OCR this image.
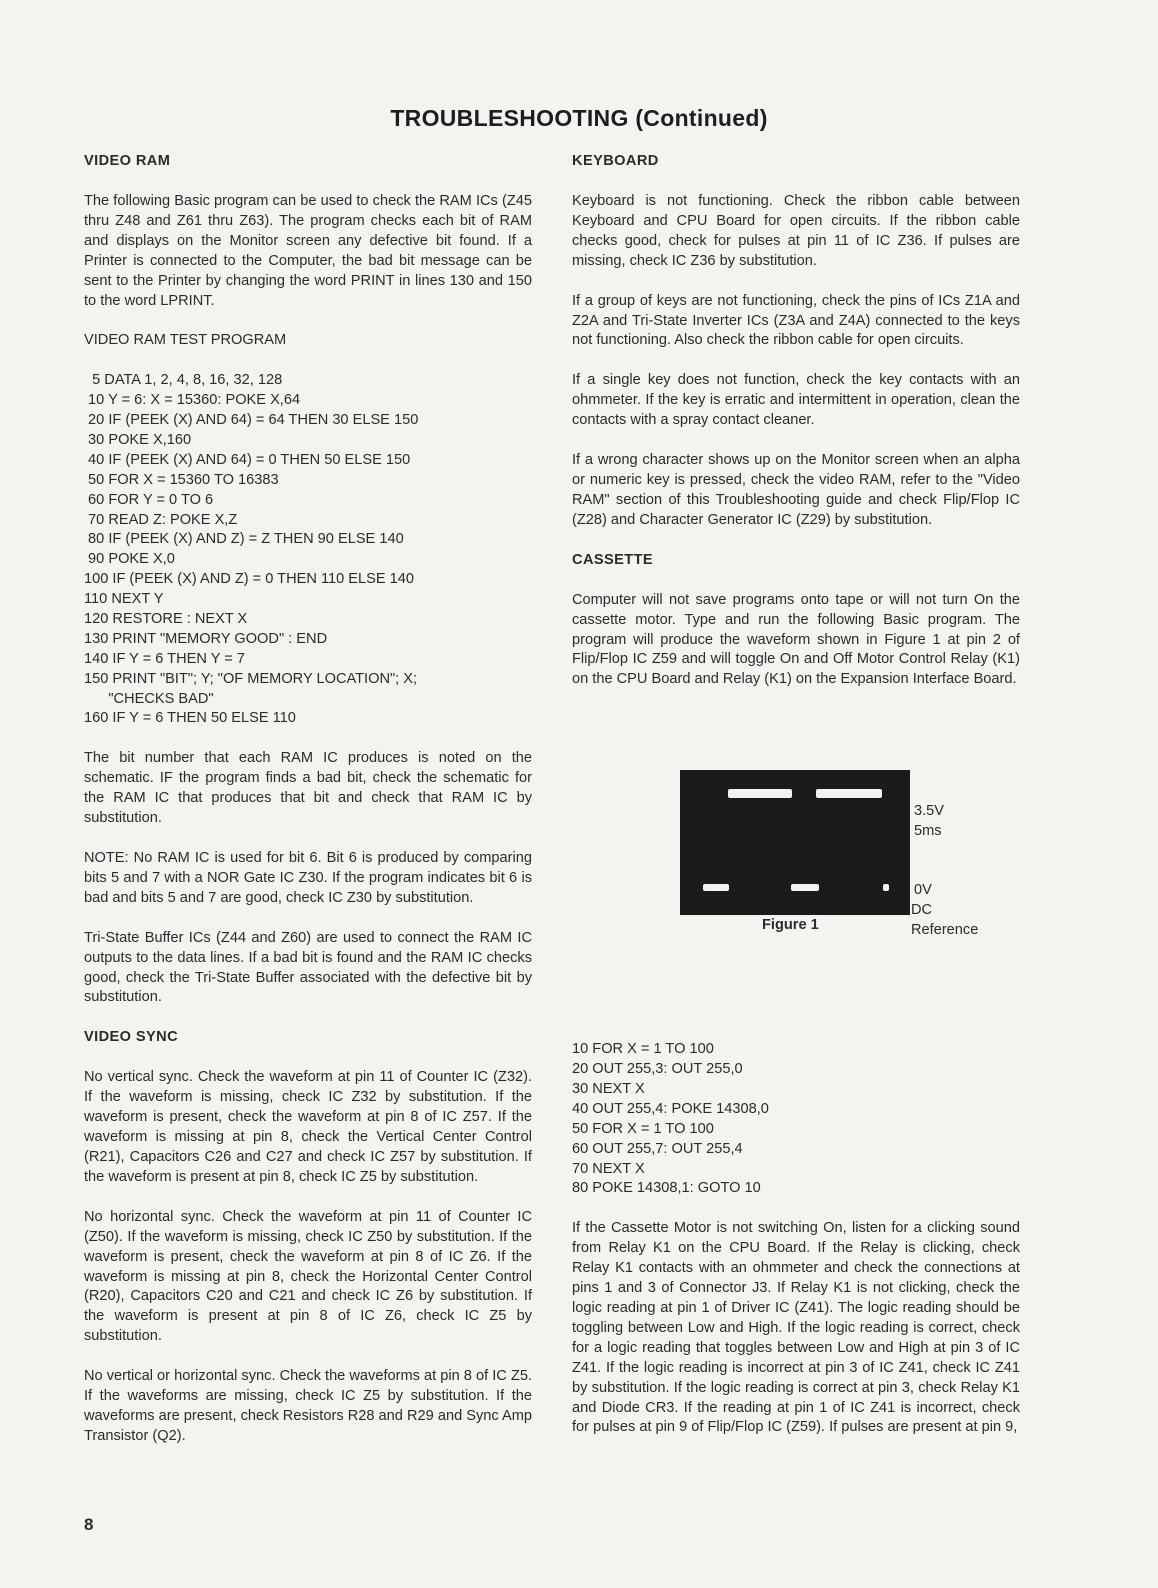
TROUBLESHOOTING (Continued)
VIDEO RAM

The following Basic program can be used to check the RAM ICs (Z45 thru Z48 and Z61 thru Z63). The program checks each bit of RAM and displays on the Monitor screen any defective bit found. If a Printer is connected to the Computer, the bad bit message can be sent to the Printer by changing the word PRINT in lines 130 and 150 to the word LPRINT.

VIDEO RAM TEST PROGRAM
5 DATA 1, 2, 4, 8, 16, 32, 128
10 Y = 6: X = 15360: POKE X,64
20 IF (PEEK (X) AND 64) = 64 THEN 30 ELSE 150
30 POKE X,160
40 IF (PEEK (X) AND 64) = 0 THEN 50 ELSE 150
50 FOR X = 15360 TO 16383
60 FOR Y = 0 TO 6
70 READ Z: POKE X,Z
80 IF (PEEK (X) AND Z) = Z THEN 90 ELSE 140
90 POKE X,0
100 IF (PEEK (X) AND Z) = 0 THEN 110 ELSE 140
110 NEXT Y
120 RESTORE : NEXT X
130 PRINT "MEMORY GOOD" : END
140 IF Y = 6 THEN Y = 7
150 PRINT "BIT"; Y; "OF MEMORY LOCATION"; X;
"CHECKS BAD"
160 IF Y = 6 THEN 50 ELSE 110

The bit number that each RAM IC produces is noted on the schematic. IF the program finds a bad bit, check the schematic for the RAM IC that produces that bit and check that RAM IC by substitution.

NOTE: No RAM IC is used for bit 6. Bit 6 is produced by comparing bits 5 and 7 with a NOR Gate IC Z30. If the program indicates bit 6 is bad and bits 5 and 7 are good, check IC Z30 by substitution.

Tri-State Buffer ICs (Z44 and Z60) are used to connect the RAM IC outputs to the data lines. If a bad bit is found and the RAM IC checks good, check the Tri-State Buffer associated with the defective bit by substitution.

VIDEO SYNC

No vertical sync. Check the waveform at pin 11 of Counter IC (Z32). If the waveform is missing, check IC Z32 by substitution. If the waveform is present, check the waveform at pin 8 of IC Z57. If the waveform is missing at pin 8, check the Vertical Center Control (R21), Capacitors C26 and C27 and check IC Z57 by substitution. If the waveform is present at pin 8, check IC Z5 by substitution.

No horizontal sync. Check the waveform at pin 11 of Counter IC (Z50). If the waveform is missing, check IC Z50 by substitution. If the waveform is present, check the waveform at pin 8 of IC Z6. If the waveform is missing at pin 8, check the Horizontal Center Control (R20), Capacitors C20 and C21 and check IC Z6 by substitution. If the waveform is present at pin 8 of IC Z6, check IC Z5 by substitution.

No vertical or horizontal sync. Check the waveforms at pin 8 of IC Z5. If the waveforms are missing, check IC Z5 by substitution. If the waveforms are present, check Resistors R28 and R29 and Sync Amp Transistor (Q2).

KEYBOARD

Keyboard is not functioning. Check the ribbon cable between Keyboard and CPU Board for open circuits. If the ribbon cable checks good, check for pulses at pin 11 of IC Z36. If pulses are missing, check IC Z36 by substitution.

If a group of keys are not functioning, check the pins of ICs Z1A and Z2A and Tri-State Inverter ICs (Z3A and Z4A) connected to the keys not functioning. Also check the ribbon cable for open circuits.

If a single key does not function, check the key contacts with an ohmmeter. If the key is erratic and intermittent in operation, clean the contacts with a spray contact cleaner.

If a wrong character shows up on the Monitor screen when an alpha or numeric key is pressed, check the video RAM, refer to the "Video RAM" section of this Troubleshooting guide and check Flip/Flop IC (Z28) and Character Generator IC (Z29) by substitution.

CASSETTE

Computer will not save programs onto tape or will not turn On the cassette motor. Type and run the following Basic program. The program will produce the waveform shown in Figure 1 at pin 2 of Flip/Flop IC Z59 and will toggle On and Off Motor Control Relay (K1) on the CPU Board and Relay (K1) on the Expansion Interface Board.

3.5V
5ms
0V
DC
Reference
Figure 1
10 FOR X = 1 TO 100
20 OUT 255,3: OUT 255,0
30 NEXT X
40 OUT 255,4: POKE 14308,0
50 FOR X = 1 TO 100
60 OUT 255,7: OUT 255,4
70 NEXT X
80 POKE 14308,1: GOTO 10

If the Cassette Motor is not switching On, listen for a clicking sound from Relay K1 on the CPU Board. If the Relay is clicking, check Relay K1 contacts with an ohmmeter and check the connections at pins 1 and 3 of Connector J3. If Relay K1 is not clicking, check the logic reading at pin 1 of Driver IC (Z41). The logic reading should be toggling between Low and High. If the logic reading is correct, check for a logic reading that toggles between Low and High at pin 3 of IC Z41. If the logic reading is incorrect at pin 3 of IC Z41, check IC Z41 by substitution. If the logic reading is correct at pin 3, check Relay K1 and Diode CR3. If the reading at pin 1 of IC Z41 is incorrect, check for pulses at pin 9 of Flip/Flop IC (Z59). If pulses are present at pin 9,

8
